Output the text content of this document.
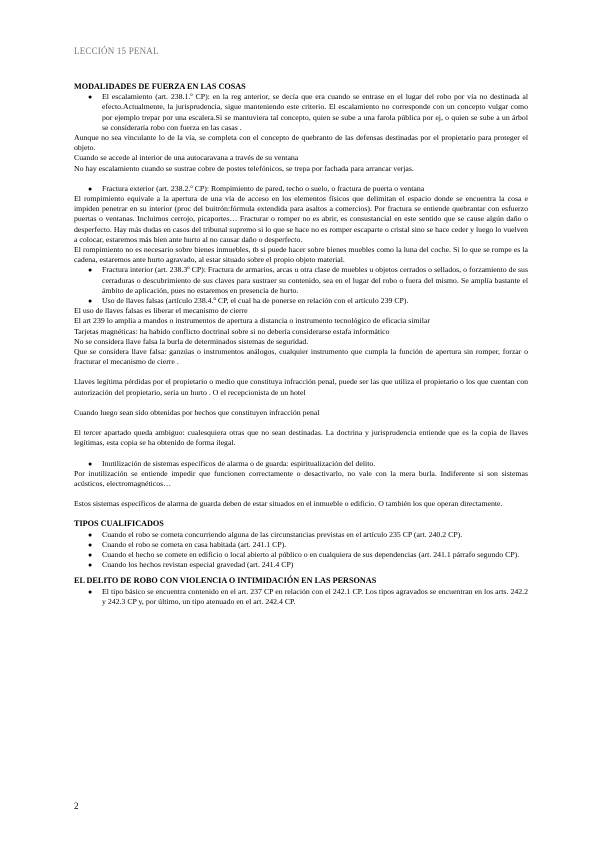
LECCIÓN 15 PENAL

MODALIDADES DE FUERZA EN LAS COSAS

● El escalamiento (art. 238.1.º CP): en la reg anterior, se decía que era cuando se entrase en el lugar del robo por vía no destinada al efecto.Actualmente, la jurisprudencia, sigue manteniendo este criterio. El escalamiento no corresponde con un concepto vulgar como por ejemplo trepar por una escalera.Si se mantuviera tal concepto, quien se sube a una farola pública por ej, o quien se sube a un árbol se consideraría robo con fuerza en las casas .

Aunque no sea vinculante lo de la vía, se completa con el concepto de quebranto de las defensas destinadas por el propietario para proteger el objeto.

Cuando se accede al interior de una autocaravana a través de su ventana

No hay escalamiento cuando se sustrae cobre de postes telefónicos, se trepa por fachada para arrancar verjas.

● Fractura exterior (art. 238.2.º CP): Rompimiento de pared, techo o suelo, o fractura de puerta o ventana

El rompimiento equivale a la apertura de una vía de acceso en los elementos físicos que delimitan el espacio donde se encuentra la cosa e impiden penetrar en su interior (proc del buitrón:fórmula extendida para asaltos a comercios). Por fractura se entiende quebrantar con esfuerzo puertas o ventanas. Incluimos cerrojo, picaportes… Fracturar o romper no es abrir, es consustancial en este sentido que se cause algún daño o desperfecto. Hay más dudas en casos del tribunal supremo si lo que se hace no es romper escaparte o cristal sino se hace ceder y luego lo vuelven a colocar, estaremos más bien ante hurto al no causar daño o desperfecto.

El rompimiento no es necesario sobre bienes inmuebles, tb si puede hacer sobre bienes muebles como la luna del coche. Si lo que se rompe es la cadena, estaremos ante hurto agravado, al estar situado sobre el propio objeto material.

● Fractura interior (art. 238.3º CP): Fractura de armarios, arcas u otra clase de muebles u objetos cerrados o sellados, o forzamiento de sus cerraduras o descubrimiento de sus claves para sustraer su contenido, sea en el lugar del robo o fuera del mismo. Se amplía bastante el ámbito de aplicación, pues no estaremos en presencia de hurto.
● Uso de llaves falsas (artículo 238.4.º CP, el cual ha de ponerse en relación con el artículo 239 CP).

El uso de llaves falsas es liberar el mecanismo de cierre

El art 239 lo amplía a mandos o instrumentos de apertura a distancia o instrumento tecnológico de eficacia similar

Tarjetas magnéticas: ha habido conflicto doctrinal sobre si no debería considerarse estafa informático

No se considera llave falsa la burla de determinados sistemas de seguridad.

Que se considera llave falsa: ganzúas o instrumentos análogos, cualquier instrumento que cumpla la función de apertura sin romper, forzar o fracturar el mecanismo de cierre .

Llaves legítima pérdidas por el propietario o medio que constituya infracción penal, puede ser las que utiliza el propietario o los que cuentan con autorización del propietario, sería un hurto . O el recepcionista de un hotel

Cuando luego sean sido obtenidas por hechos que constituyen infracción penal

El tercer apartado queda ambiguo: cualesquiera otras que no sean destinadas. La doctrina y jurisprudencia entiende que es la copia de llaves legítimas, esta copia se ha obtenido de forma ilegal.

● Inutilización de sistemas específicos de alarma o de guarda: espiritualización del delito.

Por inutilización se entiende impedir que funcionen correctamente o desactivarlo, no vale con la mera burla. Indiferente si son sistemas acústicos, electromagnéticos…

Estos sistemas específicos de alarma de guarda deben de estar situados en el inmueble o edificio. O también los que operan directamente.

TIPOS CUALIFICADOS

● Cuando el robo se cometa concurriendo alguna de las circunstancias previstas en el artículo 235 CP (art. 240.2 CP).
● Cuando el robo se cometa en casa habitada (art. 241.1 CP).
● Cuando el hecho se comete en edificio o local abierto al público o en cualquiera de sus dependencias (art. 241.1 párrafo segundo CP).
● Cuando los hechos revistan especial gravedad (art. 241.4 CP)

EL DELITO DE ROBO CON VIOLENCIA O INTIMIDACIÓN EN LAS PERSONAS

● El tipo básico se encuentra contenido en el art. 237 CP en relación con el 242.1 CP. Los tipos agravados se encuentran en los arts. 242.2 y 242.3 CP y, por último, un tipo atenuado en el art. 242.4 CP.
2
